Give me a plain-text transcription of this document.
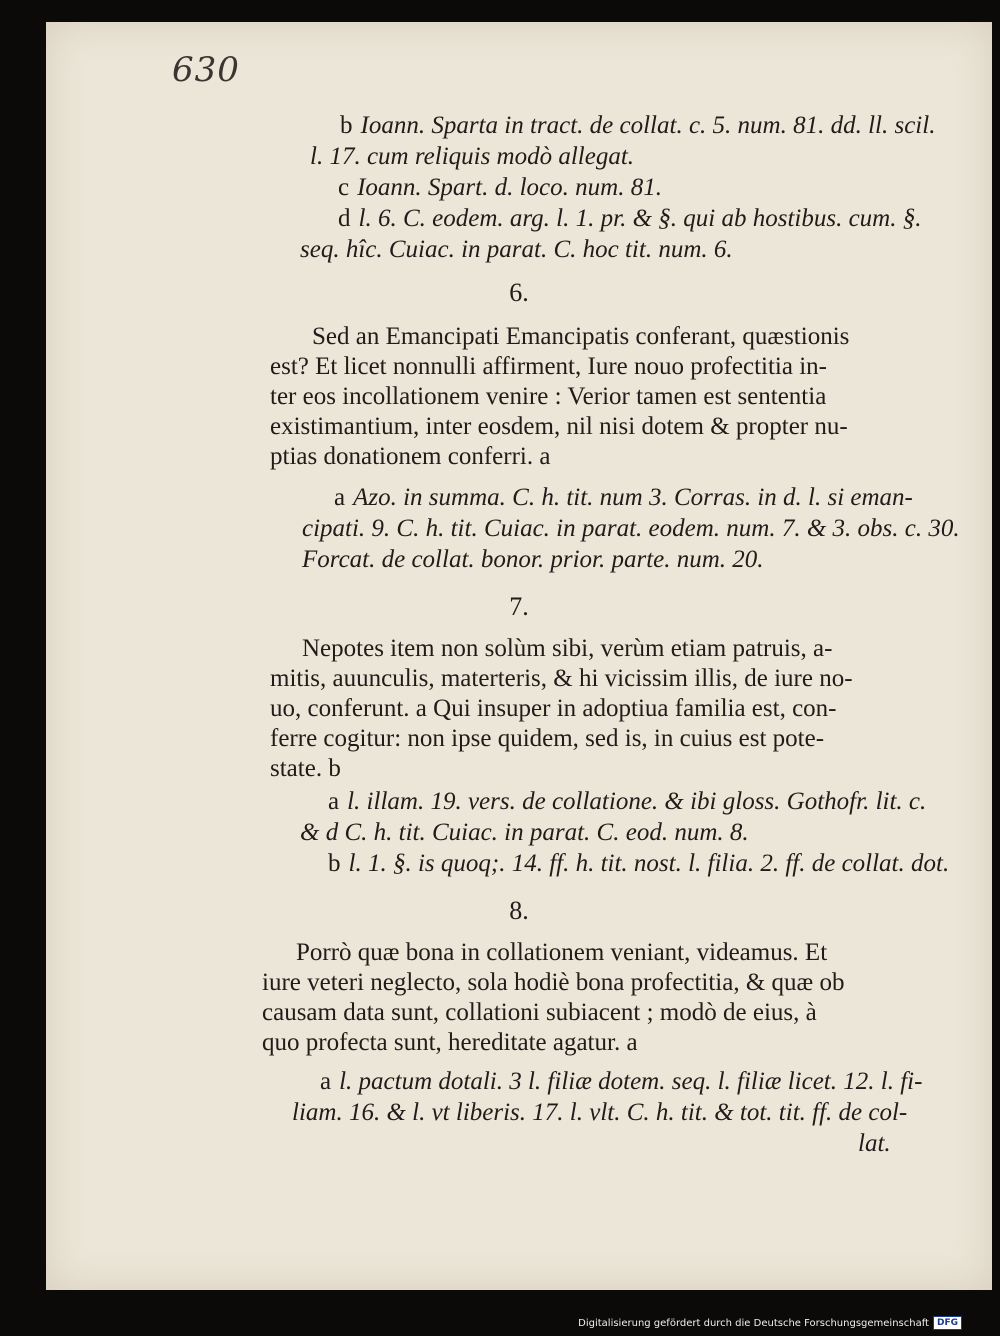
630
b Ioann. Sparta in tract. de collat. c. 5. num. 81. dd. ll. scil.
l. 17. cum reliquis modò allegat.
c Ioann. Spart. d. loco. num. 81.
d l. 6. C. eodem. arg. l. 1. pr. & §. qui ab hostibus. cum. §.
seq. hîc. Cuiac. in parat. C. hoc tit. num. 6.
6.
Sed an Emancipati Emancipatis conferant, quæstionis
est? Et licet nonnulli affirment, Iure nouo profectitia in-
ter eos incollationem venire : Verior tamen est sententia
existimantium, inter eosdem, nil nisi dotem & propter nu-
ptias donationem conferri. a
a Azo. in summa. C. h. tit. num 3. Corras. in d. l. si eman-
cipati. 9. C. h. tit. Cuiac. in parat. eodem. num. 7. & 3. obs. c. 30.
Forcat. de collat. bonor. prior. parte. num. 20.
7.
Nepotes item non solùm sibi, verùm etiam patruis, a-
mitis, auunculis, materteris, & hi vicissim illis, de iure no-
uo, conferunt. a Qui insuper in adoptiua familia est, con-
ferre cogitur: non ipse quidem, sed is, in cuius est pote-
state. b
a l. illam. 19. vers. de collatione. & ibi gloss. Gothofr. lit. c.
& d C. h. tit. Cuiac. in parat. C. eod. num. 8.
b l. 1. §. is quoq;. 14. ff. h. tit. nost. l. filia. 2. ff. de collat. dot.
8.
Porrò quæ bona in collationem veniant, videamus. Et
iure veteri neglecto, sola hodiè bona profectitia, & quæ ob
causam data sunt, collationi subiacent ; modò de eius, à
quo profecta sunt, hereditate agatur. a
a l. pactum dotali. 3 l. filiæ dotem. seq. l. filiæ licet. 12. l. fi-
liam. 16. & l. vt liberis. 17. l. vlt. C. h. tit. & tot. tit. ff. de col-
lat.
Digitalisierung gefördert durch die Deutsche Forschungsgemeinschaft DFG
